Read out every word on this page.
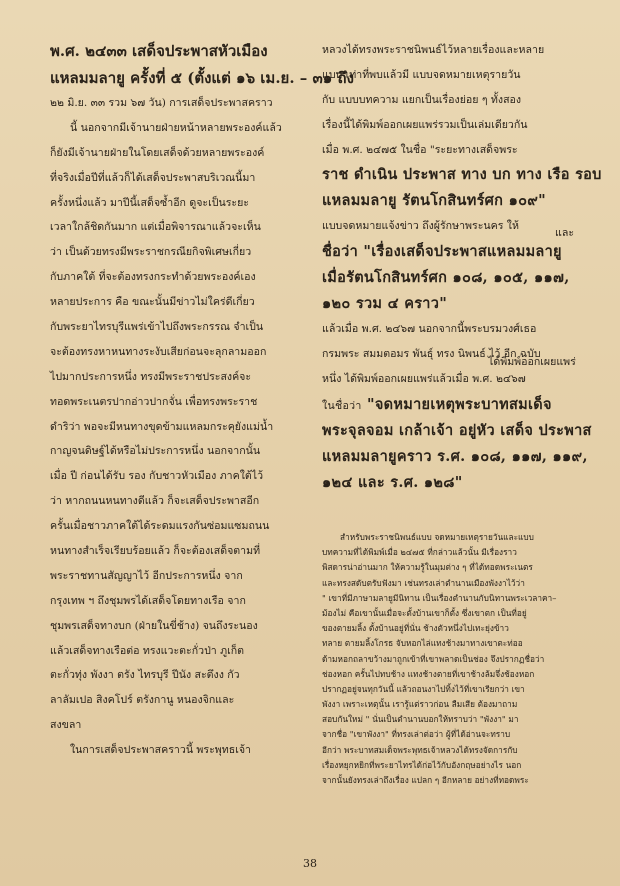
พ.ศ. ๒๔๓๓ เสด็จประพาสหัวเมือง
แหลมมลายู ครั้งที่ ๕ (ตั้งแต่ ๑๖ เม.ย. – ๓๑ ถึง
๒๒ มิ.ย. ๓๓ รวม ๖๗ วัน) การเสด็จประพาสคราว
นี้ นอกจากมีเจ้านายฝ่ายหน้าหลายพระองค์แล้ว
ก็ยังมีเจ้านายฝ่ายในโดยเสด็จด้วยหลายพระองค์
ที่จริงเมื่อปีที่แล้วก็ได้เสด็จประพาสบริเวณนี้มา
ครั้งหนึ่งแล้ว มาปีนี้เสด็จซ้ำอีก ดูจะเป็นระยะ
เวลาใกล้ชิดกันมาก แต่เมื่อพิจารณาแล้วจะเห็น
ว่า เป็นด้วยทรงมีพระราชกรณียกิจพิเศษเกี่ยว
กับภาคใต้ ที่จะต้องทรงกระทำด้วยพระองค์เอง
หลายประการ คือ ขณะนั้นมีข่าวไม่ใคร่ดีเกี่ยว
กับพระยาไทรบุรีแพร่เข้าไปถึงพระกรรณ จำเป็น
จะต้องทรงหาหนทางระงับเสียก่อนจะลุกลามออก
ไปมากประการหนึ่ง ทรงมีพระราชประสงค์จะ
ทอดพระเนตรปากอ่าวปากจั่น เพื่อทรงพระราช
ดำริว่า พอจะมีหนทางขุดข้ามแหลมกระคุยังแม่น้ำ
กาญจนดิษฐ์ได้หรือไม่ประการหนึ่ง นอกจากนั้น
เมื่อ ปี ก่อนได้รับ รอง กับชาวหัวเมือง ภาคใต้ไว้
ว่า หากถนนหนทางดีแล้ว ก็จะเสด็จประพาสอีก
ครั้นเมื่อชาวภาคใต้ได้ระดมแรงกันซ่อมแซมถนน
หนทางสำเร็จเรียบร้อยแล้ว ก็จะต้องเสด็จตามที่
พระราชทานสัญญาไว้ อีกประการหนึ่ง จาก
กรุงเทพ ฯ ถึงชุมพรได้เสด็จโดยทางเรือ จาก
ชุมพรเสด็จทางบก (ฝ่ายในขี่ช้าง) จนถึงระนอง
แล้วเสด็จทางเรือต่อ ทรงแวะตะกั่วป่า ภูเก็ต
ตะกั่วทุ่ง พังงา ตรัง ไทรบุรี ปีนัง สะตึงง กัว
ลาลัมเปอ สิงคโปร์ ตรังกานู หนองจิกและ
สงขลา
ในการเสด็จประพาสคราวนี้ พระพุทธเจ้า
หลวงได้ทรงพระราชนิพนธ์ไว้หลายเรื่องและหลาย
แบบ เท่าที่พบแล้วมี แบบจดหมายเหตุรายวัน
กับ แบบบทความ แยกเป็นเรื่องย่อย ๆ ทั้งสอง
เรื่องนี้ได้พิมพ์ออกเผยแพร่รวมเป็นเล่มเดียวกัน
เมื่อ พ.ศ. ๒๔๗๕ ในชื่อ "ระยะทางเสด็จพระ
ราช ดำเนิน ประพาส ทาง บก ทาง เรือ รอบ
แหลมมลายู รัตนโกสินทร์ศก ๑๐๙"
แบบจดหมายแจ้งข่าว ถึงผู้รักษาพระนคร ให้
ชื่อว่า "เรื่องเสด็จประพาสแหลมมลายู
เมื่อรัตนโกสินทร์ศก ๑๐๘, ๑๐๕, ๑๑๗,
๑๒๐ รวม ๔ คราว"
แล้วเมื่อ พ.ศ. ๒๔๖๗ นอกจากนี้พระบรมวงศ์เธอ
กรมพระ สมมตอมร พันธุ์ ทรง นิพนธ์ ไว้ อีก ฉบับ
หนึ่ง ได้พิมพ์ออกเผยแพร่แล้วเมื่อ พ.ศ. ๒๔๖๗
ในชื่อว่า "จดหมายเหตุพระบาทสมเด็จ
พระจุลจอม เกล้าเจ้า อยู่หัว เสด็จ ประพาส
แหลมมลายูคราว ร.ศ. ๑๐๘, ๑๑๗, ๑๑๙,
๑๒๔ และ ร.ศ. ๑๒๘"
สำหรับพระราชนิพนธ์แบบ จดหมายเหตุรายวันและแบบ
บทความที่ได้พิมพ์เมื่อ ๒๔๗๕ ที่กล่าวแล้วนั้น มีเรื่องราว
พิสดารน่าอ่านมาก ให้ความรู้ในมุมต่าง ๆ ที่ได้ทอดพระเนตร
และทรงสดับตรับฟังมา เช่นทรงเล่าตำนานเมืองพังงาไว้ว่า
" เขาที่มีภาษามลายูมีนิทาน เป็นเรื่องตำนานกับนิทานพระเวลาคา–
ม้องไม่ คือเขานั้นเมื่อจะตั้งบ้านเขาก็ตั้ง ซึ่งเขาตก เป็นที่อยู่
ของตายมลิ้ง ตั้งบ้านอยู่ที่นั่น ช้างตัวหนึ่งไปเทะยุ่งข้าว
ทลาย ตายมลิ้งโกรธ จับหอกไล่แทงช้างมาทางเขาตะท่ออ
ด้ามหอกถลาขว้างมาถูกเข้าที่เขาพลาดเป็นช่อง จึงปรากฏชื่อว่า
ช่องหอก ครั้นไปทบช้าง แทงช้างตายที่เขาช้างล้มจึ่งช้องหอก
ปรากฏอยู่จนทุกวันนี้ แล้วถอนงาไปทิ้งไว้ที่เขาเรียกว่า เขา
พังงา เพราะเหตุนั้น เรารู้แต่ราวก่อน ลืมเสีย ต้องมาถาม
สอบกันใหม่ " นั่นเป็นตำนานบอกให้ทราบว่า "พังงา" มา
จากชื่อ "เขาพังงา" ที่ทรงเล่าต่อว่า ผู้ที่ได้อ่านจะทราบ
อีกว่า พระบาทสมเด็จพระพุทธเจ้าหลวงได้ทรงจัดการกับ
เรื่องหยุกหยิกที่พระยาไทรได้ก่อไว้กับอังกฤษอย่างไร นอก
จากนั้นยังทรงเล่าถึงเรื่อง แปลก ๆ อีกหลาย อย่างที่ทอดพระ
38
และ
ได้พิมพ์ออกเผยแพร่
